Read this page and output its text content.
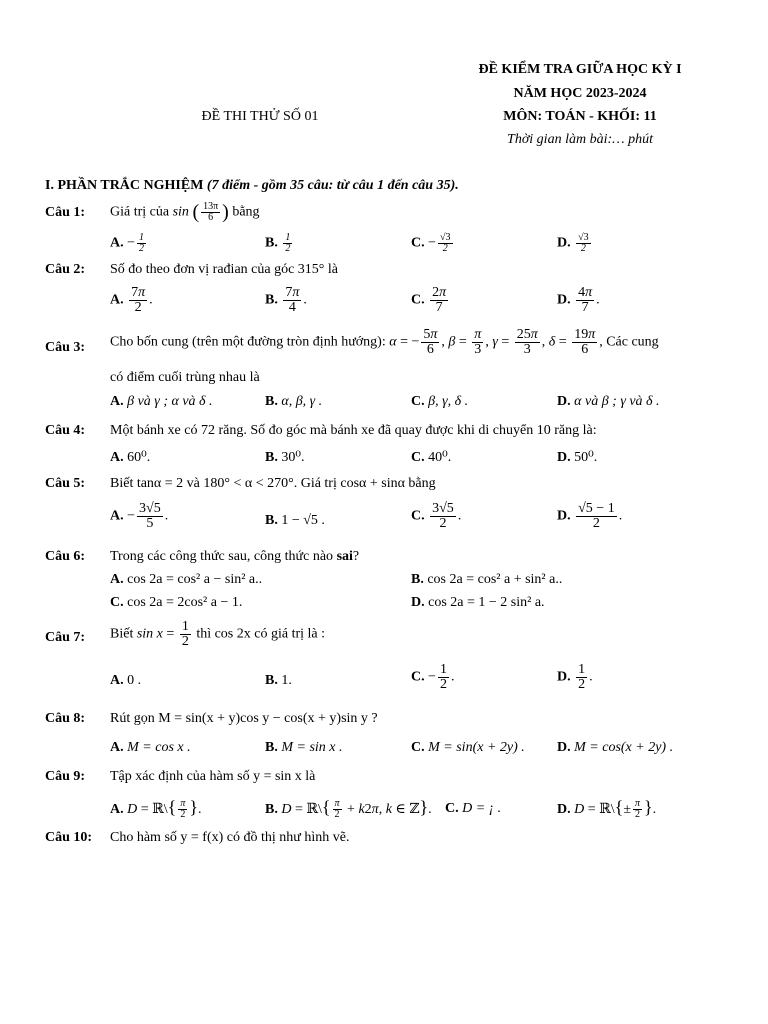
ĐỀ KIỂM TRA GIỮA HỌC KỲ I
NĂM HỌC 2023-2024
ĐỀ THI THỬ SỐ 01	MÔN: TOÁN - KHỐI: 11
Thời gian làm bài:… phút
I. PHẦN TRẮC NGHIỆM (7 điểm - gồm 35 câu: từ câu 1 đến câu 35).
Câu 1: Giá trị của sin ( $\frac{13\pi}{6}$ ) bằng
A. − $\frac{1}{2}$	B. $\frac{1}{2}$	C. − $\frac{√3}{2}$	D. $\frac{√3}{2}$
Câu 2: Số đo theo đơn vị rađian của góc 315° là
A. $\frac{7\pi}{2}$ .	B. $\frac{7\pi}{4}$ .	C. $\frac{2\pi}{7}$	D. $\frac{4\pi}{7}$ .
Câu 3: Cho bốn cung (trên một đường tròn định hướng): α = − $\frac{5\pi}{6}$ , $\beta = \frac{\pi}{3}$ , $\gamma = \frac{25\pi}{3}$ , $\delta = \frac{19\pi}{6}$ , Các cung
có điểm cuối trùng nhau là
A. β và γ ; α và δ .	B. α, β, γ .	C. β, γ, δ .	D. α và β ; γ và δ .
Câu 4: Một bánh xe có 72 răng. Số đo góc mà bánh xe đã quay được khi di chuyển 10 răng là:
A. 60⁰.	B. 30⁰.	C. 40⁰.	D. 50⁰.
Câu 5: Biết tanα = 2 và 180° < α < 270°. Giá trị cosα + sinα bằng
A. − $\frac{3√5}{5}$ .	B. 1 − √5 .	C. $\frac{3√5}{2}$ .	D. $\frac{√5 - 1}{2}$ .
Câu 6: Trong các công thức sau, công thức nào sai?
A. cos 2a = cos² a − sin² a..	B. cos 2a = cos² a + sin² a..
C. cos 2a = 2cos² a − 1.	D. cos 2a = 1 − 2 sin² a.
Câu 7: Biết $\sin x = \frac{1}{2}$ thì cos 2x có giá trị là :
A. 0 .	B. 1.	C. − $\frac{1}{2}$ .	D. $\frac{1}{2}$ .
Câu 8: Rút gọn M = sin(x + y)cos y − cos(x + y)sin y ?
A. M = cos x .	B. M = sin x .	C. M = sin(x + 2y) . D. M = cos(x + 2y) .
Câu 9: Tập xác định của hàm số y = sin x là
A. D = ℝ\{ $\frac{\pi}{2}$ }.	B. D = ℝ\{ $\frac{\pi}{2} + k2\pi$, k ∈ ℤ}. C. D = ¡ .	D. D = ℝ\{± $\frac{\pi}{2}$ }.
Câu 10: Cho hàm số y = f(x) có đồ thị như hình vẽ.
